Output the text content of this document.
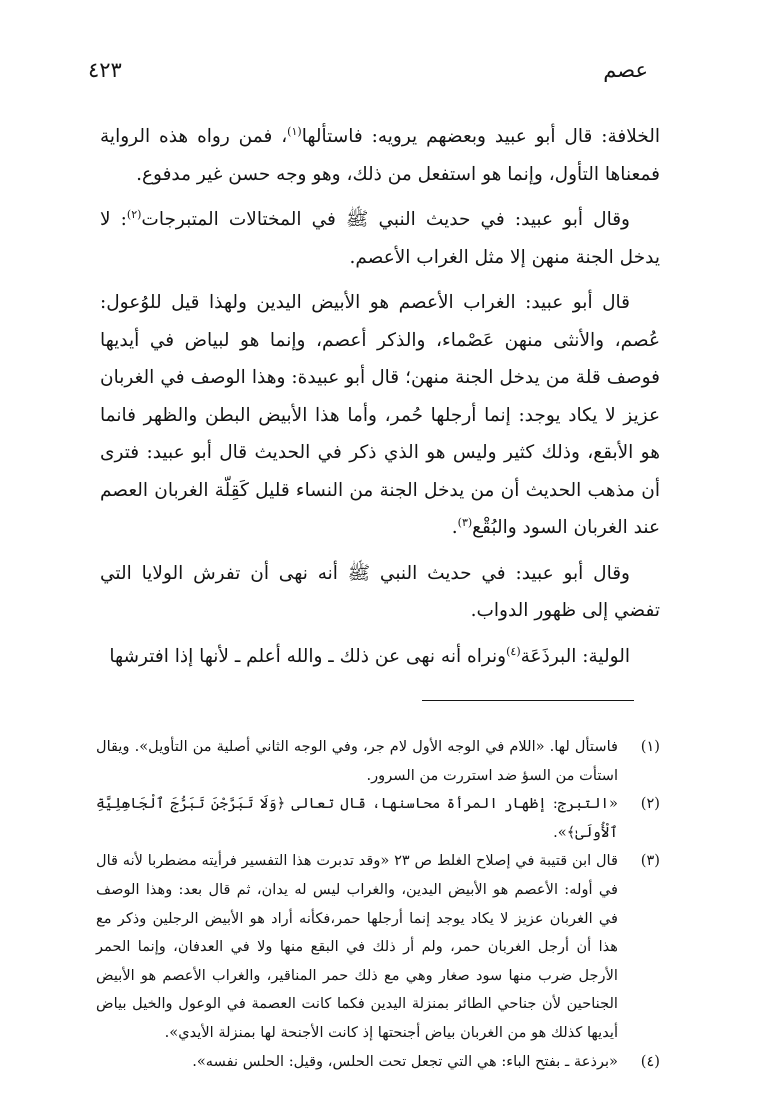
٤٢٣	عصم

الخلافة: قال أبو عبيد وبعضهم يرويه: فاستألها$^{(١)}$، فمن رواه هذه الرواية فمعناها التأول، وإنما هو استفعل من ذلك، وهو وجه حسن غير مدفوع.

وقال أبو عبيد: في حديث النبي ﷺ في المختالات المتبرجات$^{(٢)}$: لا يدخل الجنة منهن إلا مثل الغراب الأعصم.

قال أبو عبيد: الغراب الأعصم هو الأبيض اليدين ولهذا قيل للوُعول: عُصم، والأنثى منهن عَصْماء، والذكر أعصم، وإنما هو لبياض في أيديها فوصف قلة من يدخل الجنة منهن؛ قال أبو عبيدة: وهذا الوصف في الغربان عزيز لا يكاد يوجد: إنما أرجلها حُمر، وأما هذا الأبيض البطن والظهر فانما هو الأبقع، وذلك كثير وليس هو الذي ذكر في الحديث قال أبو عبيد: فترى أن مذهب الحديث أن من يدخل الجنة من النساء قليل كَقِلّة الغربان العصم عند الغربان السود والبُقْع$^{(٣)}$.

وقال أبو عبيد: في حديث النبي ﷺ أنه نهى أن تفرش الولايا التي تفضي إلى ظهور الدواب.

الولية: البرذَعَة$^{(٤)}$ونراه أنه نهى عن ذلك ـ والله أعلم ـ لأنها إذا افترشها

(١)
فاستأل لها. «اللام في الوجه الأول لام جر، وفي الوجه الثاني أصلية من التأويل». ويقال استأت من السؤ ضد استررت من السرور.
(٢)
«التبرج: إظهار المرأة محاسنها، قال تعالى ﴿وَلَا تَبَرَّجْنَ تَبَرُّجَ ٱلْجَاهِلِيَّةِ ٱلْأُولَىٰ﴾».
(٣)
قال ابن قتيبة في إصلاح الغلط ص ٢٣ «وقد تدبرت هذا التفسير فرأيته مضطربا لأنه قال في أوله: الأعصم هو الأبيض اليدين، والغراب ليس له يدان، ثم قال بعد: وهذا الوصف في الغربان عزيز لا يكاد يوجد إنما أرجلها حمر،فكأنه أراد هو الأبيض الرجلين وذكر مع هذا أن أرجل الغربان حمر، ولم أر ذلك في البقع منها ولا في العدفان، وإنما الحمر الأرجل ضرب منها سود صغار وهي مع ذلك حمر المناقير، والغراب الأعصم هو الأبيض الجناحين لأن جناحي الطائر بمنزلة اليدين فكما كانت العصمة في الوعول والخيل بياض أيديها كذلك هو من الغربان بياض أجنحتها إذ كانت الأجنحة لها بمنزلة الأيدي».
(٤)
«برذعة ـ بفتح الباء: هي التي تجعل تحت الحلس، وقيل: الحلس نفسه».
